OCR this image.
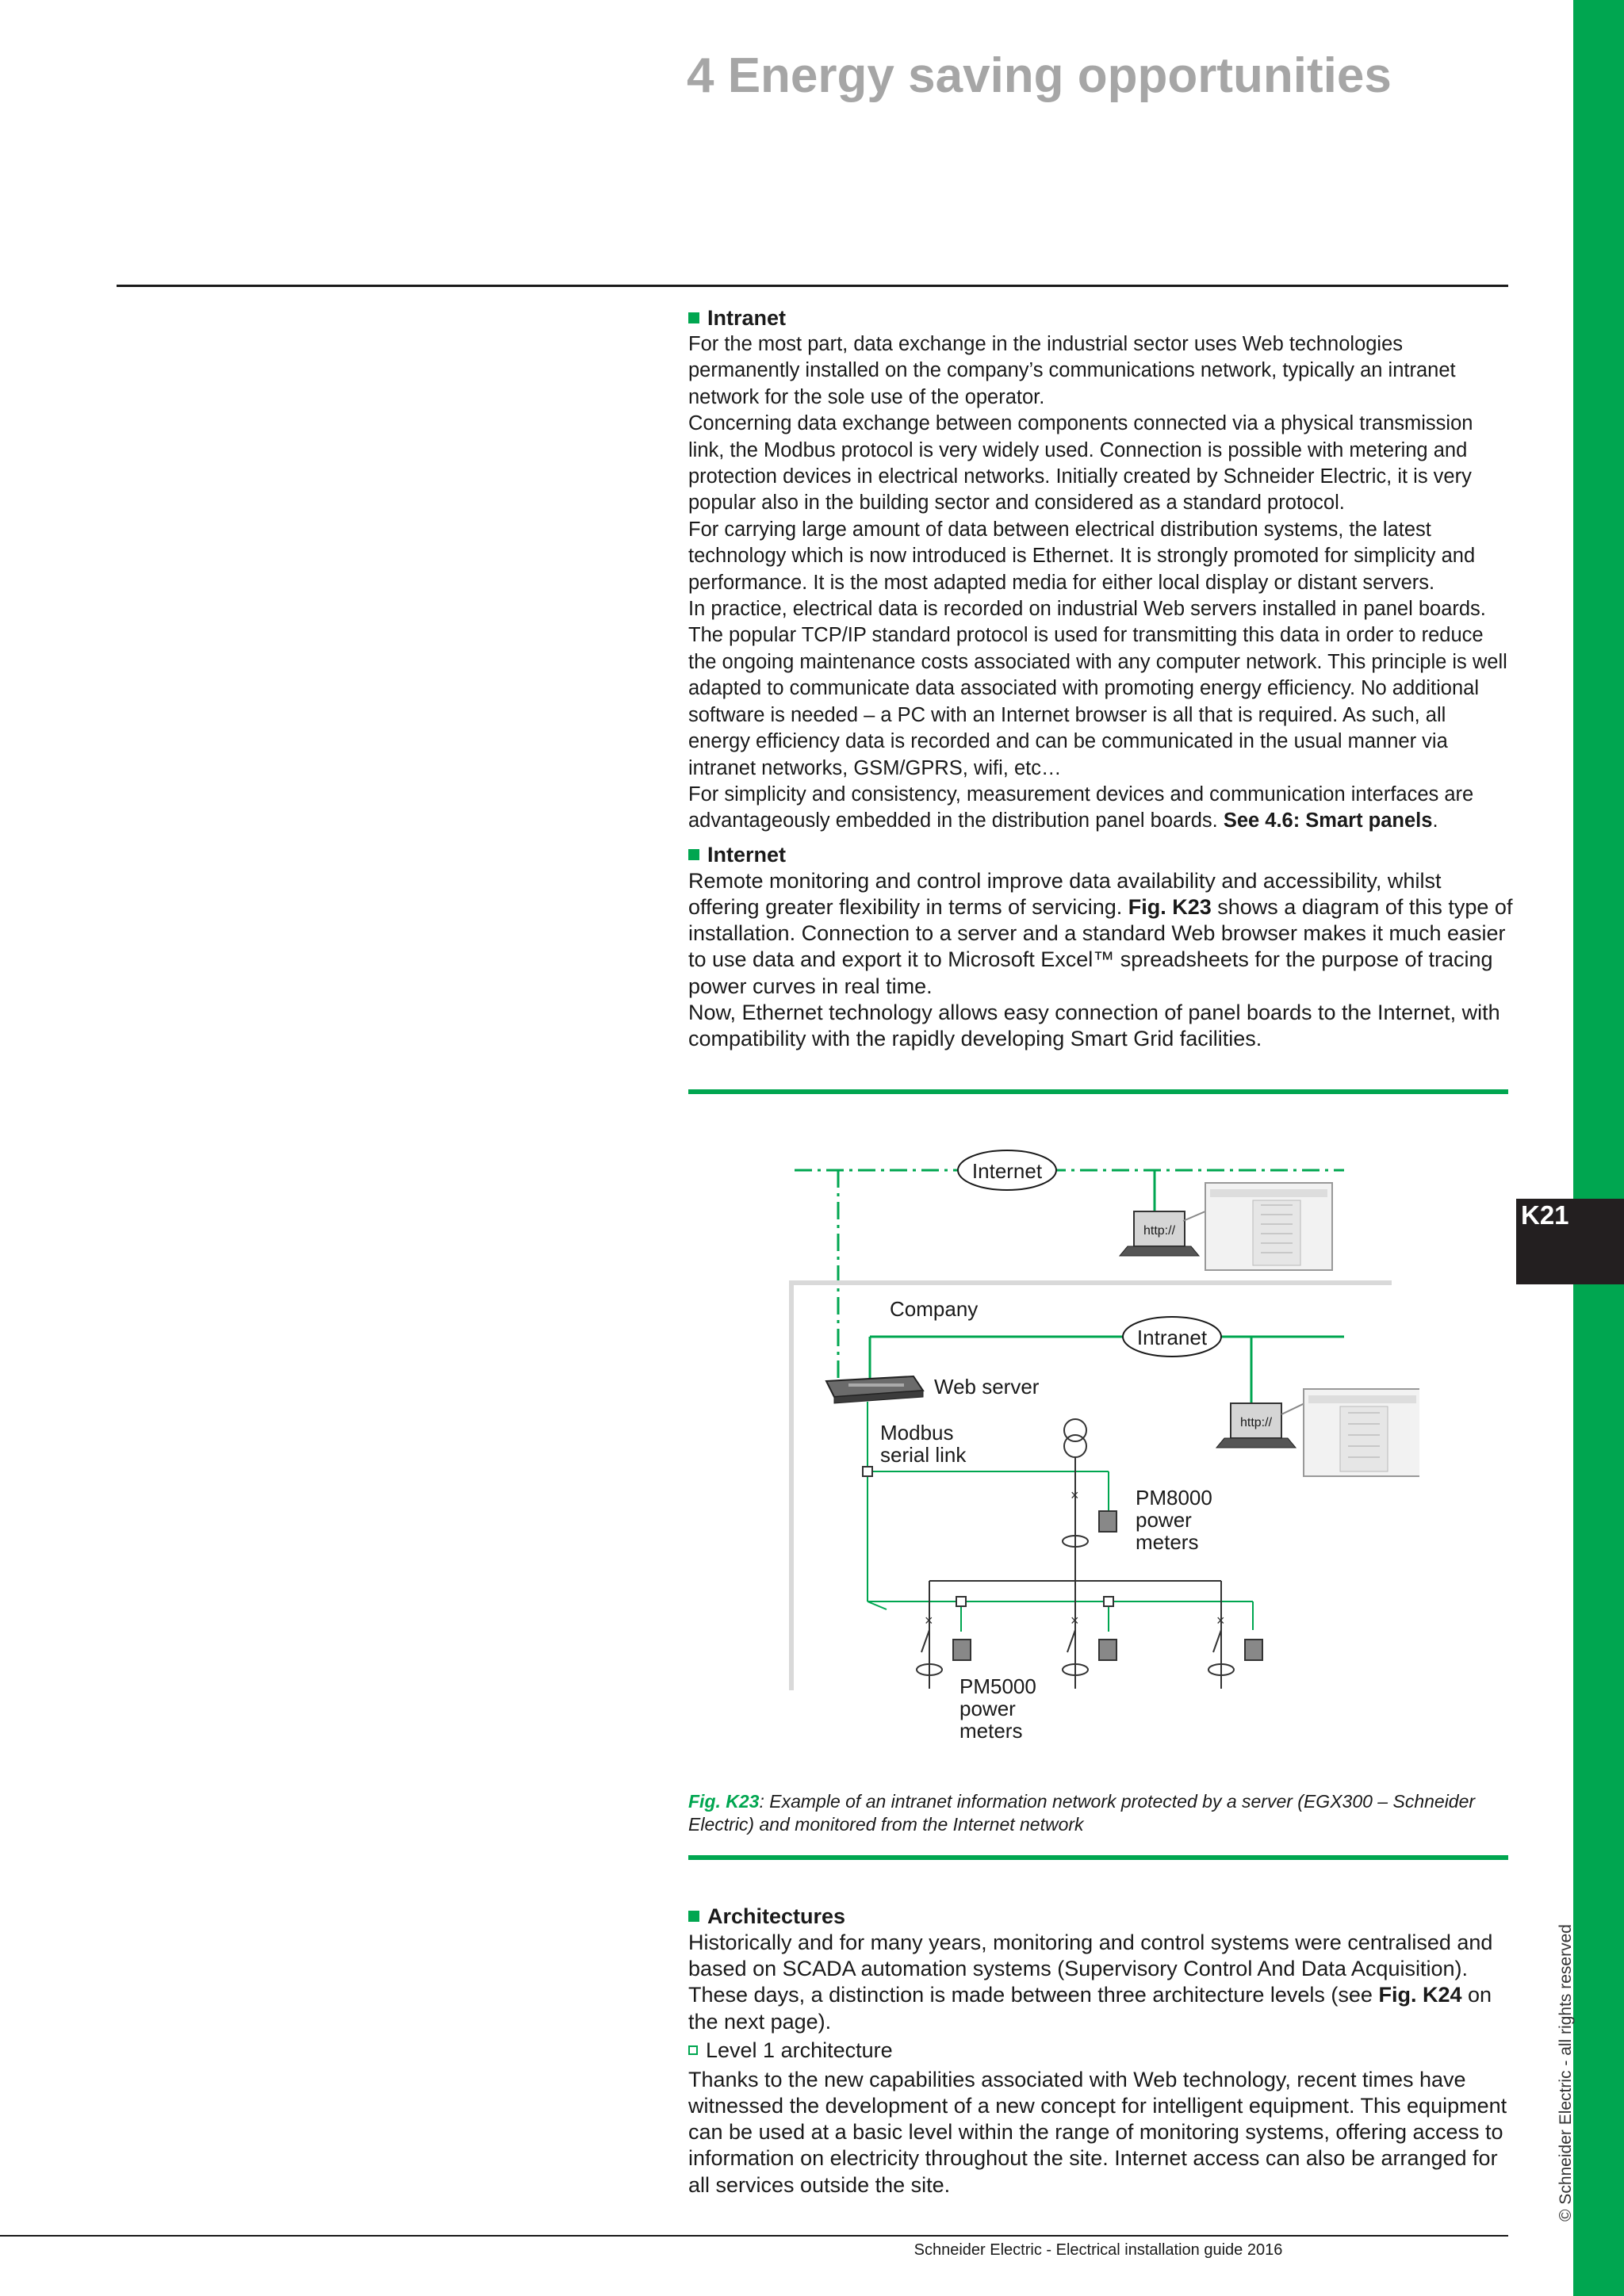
K21
© Schneider Electric - all rights reserved
4 Energy saving opportunities
Intranet

For the most part, data exchange in the industrial sector uses Web technologies permanently installed on the company’s communications network, typically an intranet network for the sole use of the operator.

Concerning data exchange between components connected via a physical transmission link, the Modbus protocol is very widely used. Connection is possible with metering and protection devices in electrical networks. Initially created by Schneider Electric, it is very popular also in the building sector and considered as a standard protocol.

For carrying large amount of data between electrical distribution systems, the latest technology which is now introduced is Ethernet. It is strongly promoted for simplicity and performance. It is the most adapted media for either local display or distant servers.

In practice, electrical data is recorded on industrial Web servers installed in panel boards. The popular TCP/IP standard protocol is used for transmitting this data in order to reduce the ongoing maintenance costs associated with any computer network. This principle is well adapted to communicate data associated with promoting energy efficiency. No additional software is needed – a PC with an Internet browser is all that is required. As such, all energy efficiency data is recorded and can be communicated in the usual manner via intranet networks, GSM/GPRS, wifi, etc…

For simplicity and consistency, measurement devices and communication interfaces are advantageously embedded in the distribution panel boards. See 4.6: Smart panels.

Internet

Remote monitoring and control improve data availability and accessibility, whilst offering greater flexibility in terms of servicing. Fig. K23 shows a diagram of this type of installation. Connection to a server and a standard Web browser makes it much easier to use data and export it to Microsoft Excel™ spreadsheets for the purpose of tracing power curves in real time.

Now, Ethernet technology allows easy connection of panel boards to the Internet, with compatibility with the rapidly developing Smart Grid facilities.

Internet
http://
Company
Intranet
http://
Web server
Modbus
serial link
×	PM8000
power
meters
×	×	×
PM5000
power
meters
Fig. K23: Example of an intranet information network protected by a server (EGX300 – Schneider Electric) and monitored from the Internet network
Architectures

Historically and for many years, monitoring and control systems were centralised and based on SCADA automation systems (Supervisory Control And Data Acquisition). These days, a distinction is made between three architecture levels (see Fig. K24 on the next page).

Level 1 architecture

Thanks to the new capabilities associated with Web technology, recent times have witnessed the development of a new concept for intelligent equipment. This equipment can be used at a basic level within the range of monitoring systems, offering access to information on electricity throughout the site. Internet access can also be arranged for all services outside the site.

Schneider Electric - Electrical installation guide 2016
